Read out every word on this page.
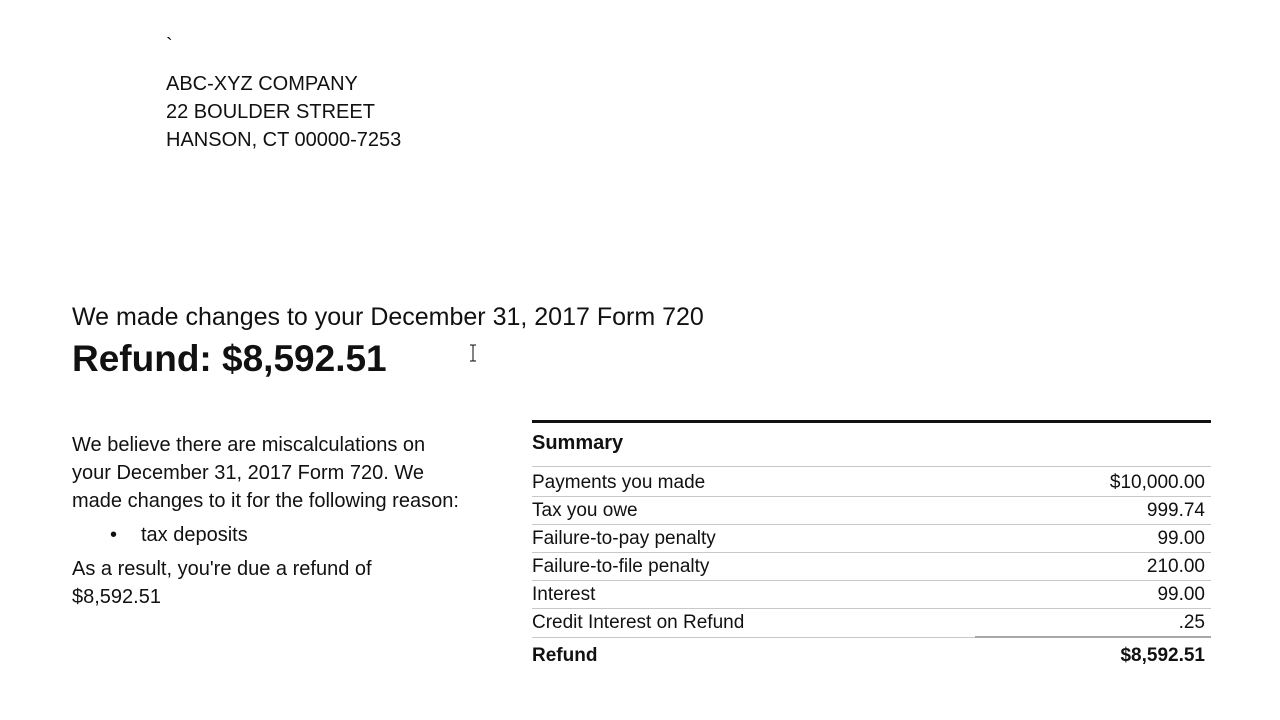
`
ABC-XYZ COMPANY
22 BOULDER STREET
HANSON, CT 00000-7253
We made changes to your December 31, 2017 Form 720
Refund: $8,592.51

We believe there are miscalculations on your December 31, 2017 Form 720. We made changes to it for the following reason:

• tax deposits

As a result, you're due a refund of $8,592.51

Summary
Payments you made	$10,000.00
Tax you owe	999.74
Failure-to-pay penalty	99.00
Failure-to-file penalty	210.00
Interest	99.00
Credit Interest on Refund	.25
Refund	$8,592.51
